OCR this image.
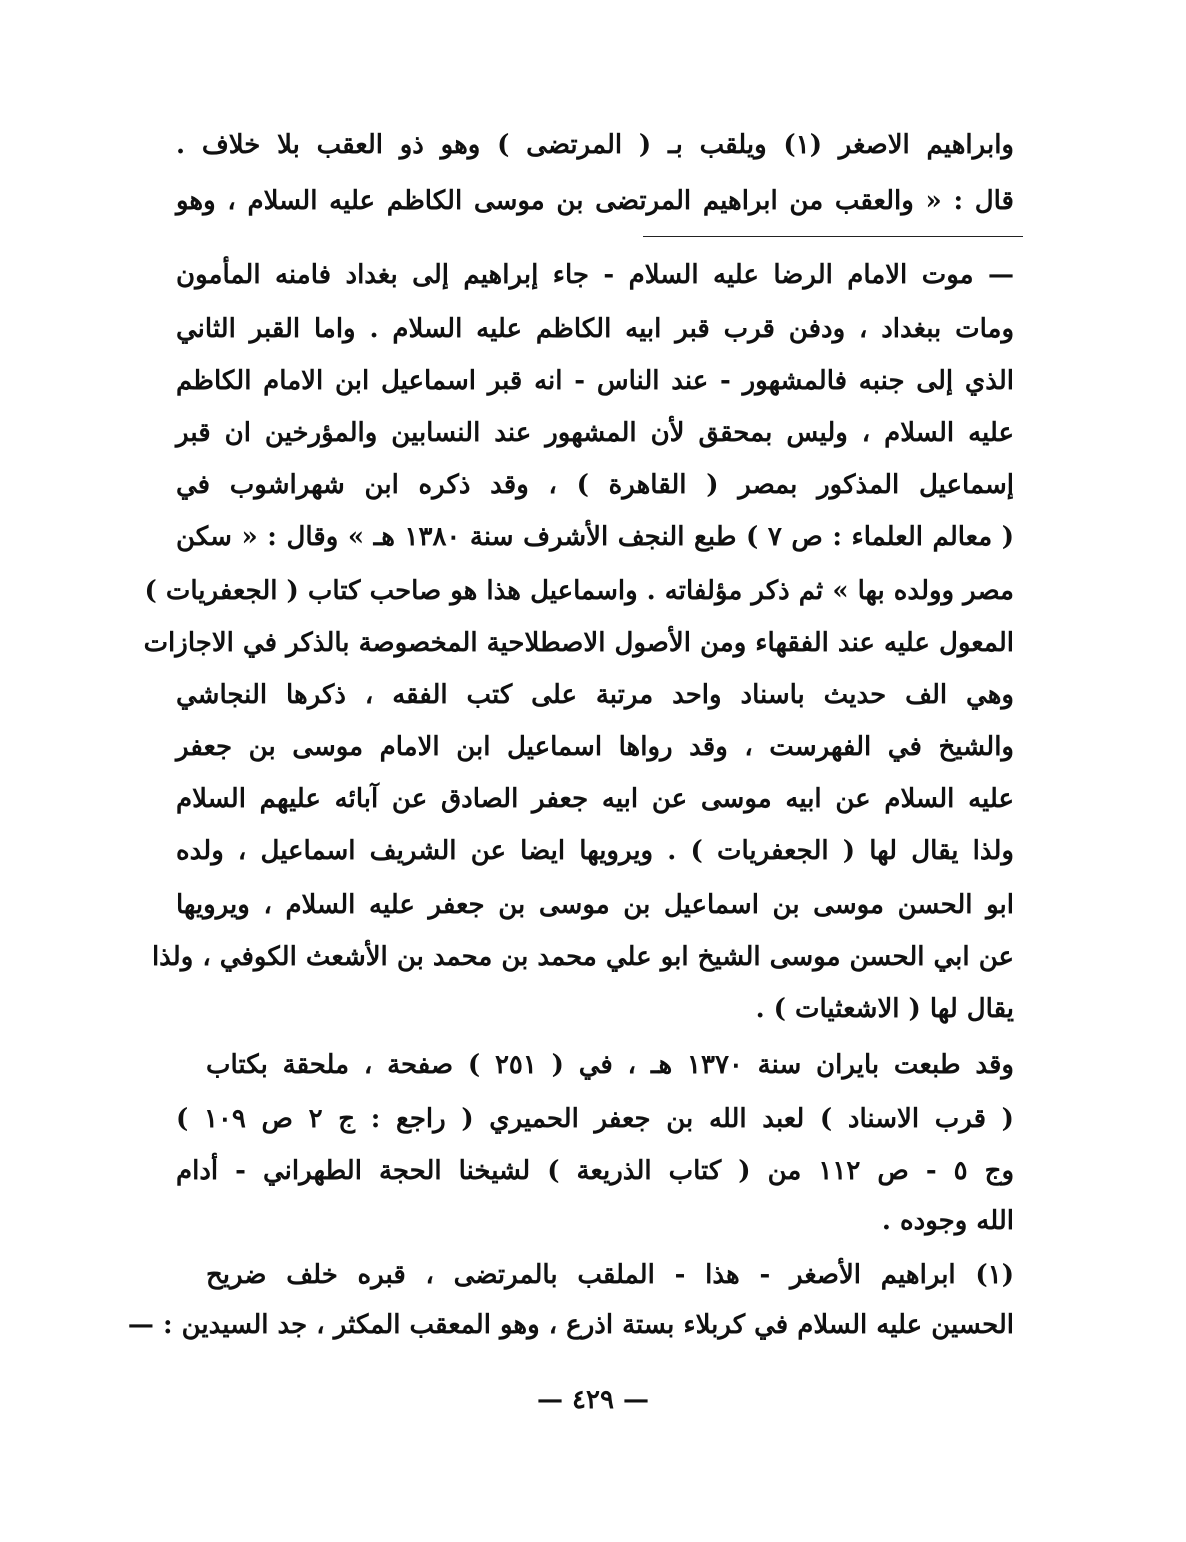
وابراهيم الاصغر (١) ويلقب بـ ( المرتضى ) وهو ذو العقب بلا خلاف .
قال : « والعقب من ابراهيم المرتضى بن موسى الكاظم عليه السلام ، وهو
— موت الامام الرضا عليه السلام - جاء إبراهيم إلى بغداد فامنه المأمون
ومات ببغداد ، ودفن قرب قبر ابيه الكاظم عليه السلام . واما القبر الثاني
الذي إلى جنبه فالمشهور - عند الناس - انه قبر اسماعيل ابن الامام الكاظم
عليه السلام ، وليس بمحقق لأن المشهور عند النسابين والمؤرخين ان قبر
إسماعيل المذكور بمصر ( القاهرة ) ، وقد ذكره ابن شهراشوب في
( معالم العلماء : ص ٧ ) طبع النجف الأشرف سنة ١٣٨٠ هـ » وقال : « سكن
مصر وولده بها » ثم ذكر مؤلفاته . واسماعيل هذا هو صاحب كتاب ( الجعفريات )
المعول عليه عند الفقهاء ومن الأصول الاصطلاحية المخصوصة بالذكر في الاجازات
وهي الف حديث باسناد واحد مرتبة على كتب الفقه ، ذكرها النجاشي
والشيخ في الفهرست ، وقد رواها اسماعيل ابن الامام موسى بن جعفر
عليه السلام عن ابيه موسى عن ابيه جعفر الصادق عن آبائه عليهم السلام
ولذا يقال لها ( الجعفريات ) . ويرويها ايضا عن الشريف اسماعيل ، ولده
ابو الحسن موسى بن اسماعيل بن موسى بن جعفر عليه السلام ، ويرويها
عن ابي الحسن موسى الشيخ ابو علي محمد بن محمد بن الأشعث الكوفي ، ولذا
يقال لها ( الاشعثيات ) .
وقد طبعت بايران سنة ١٣٧٠ هـ ، في ( ٢٥١ ) صفحة ، ملحقة بكتاب
( قرب الاسناد ) لعبد الله بن جعفر الحميري ( راجع : ج ٢ ص ١٠٩ )
وج ٥ - ص ١١٢ من ( كتاب الذريعة ) لشيخنا الحجة الطهراني - أدام
الله وجوده .
(١) ابراهيم الأصغر - هذا - الملقب بالمرتضى ، قبره خلف ضريح
الحسين عليه السلام في كربلاء بستة اذرع ، وهو المعقب المكثر ، جد السيدين : —
— ٤٢٩ —
